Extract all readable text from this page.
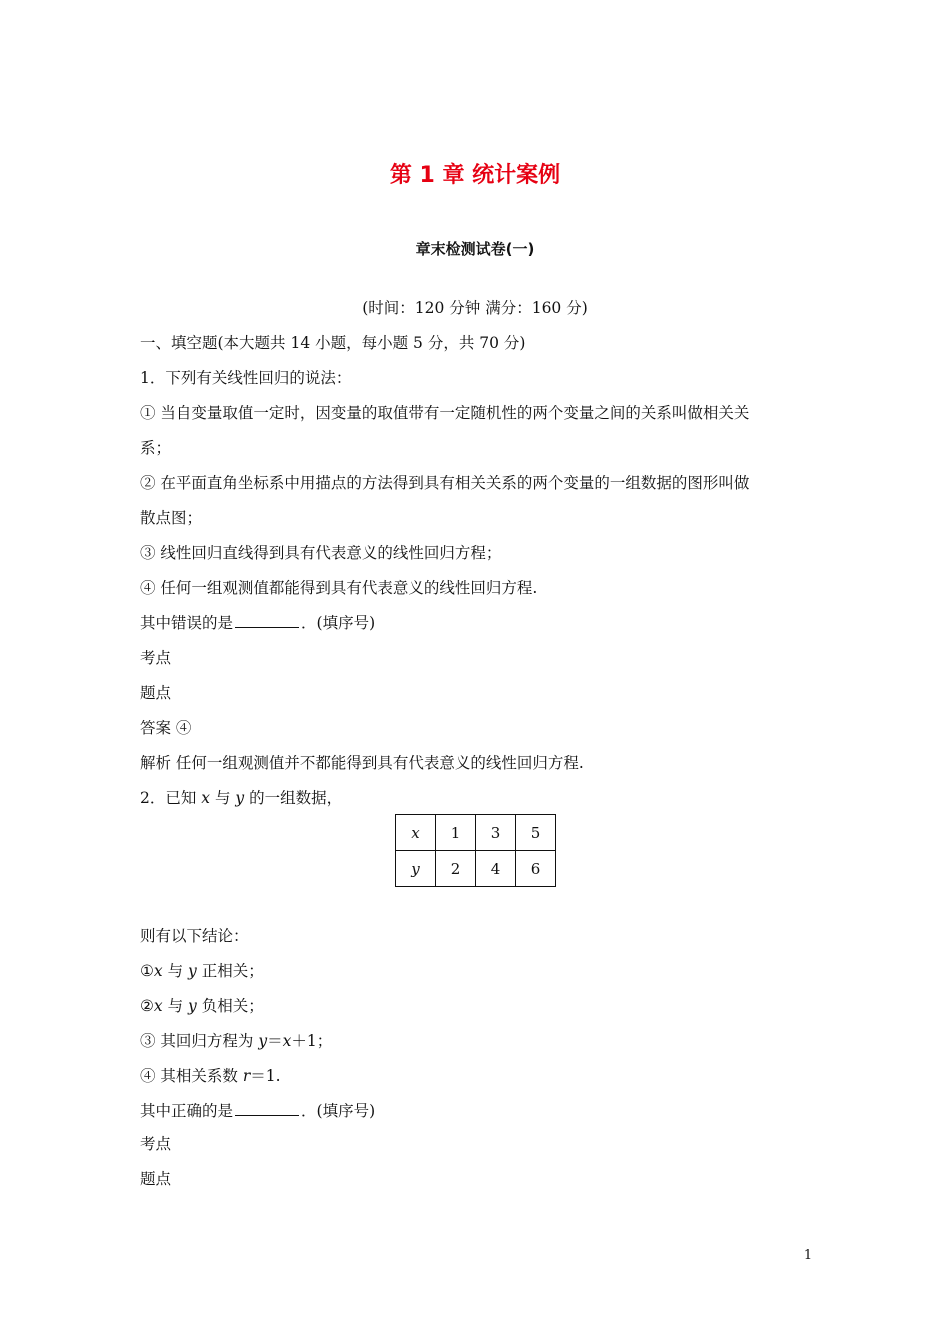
第 1 章 统计案例
章末检测试卷(一)
(时间：120 分钟 满分：160 分)
一、填空题(本大题共 14 小题，每小题 5 分，共 70 分)
1．下列有关线性回归的说法：
① 当自变量取值一定时，因变量的取值带有一定随机性的两个变量之间的关系叫做相关关
系；
② 在平面直角坐标系中用描点的方法得到具有相关关系的两个变量的一组数据的图形叫做
散点图；
③ 线性回归直线得到具有代表意义的线性回归方程；
④ 任何一组观测值都能得到具有代表意义的线性回归方程.
其中错误的是	．(填序号)
考点
题点
答案 ④
解析 任何一组观测值并不都能得到具有代表意义的线性回归方程.
2．已知 x 与 y 的一组数据，
x	1	3	5
y	2	4	6
则有以下结论：
①x 与 y 正相关；
②x 与 y 负相关；
③ 其回归方程为 y＝x＋1；
④ 其相关系数 r＝1.
其中正确的是	．(填序号)
考点
题点
1
